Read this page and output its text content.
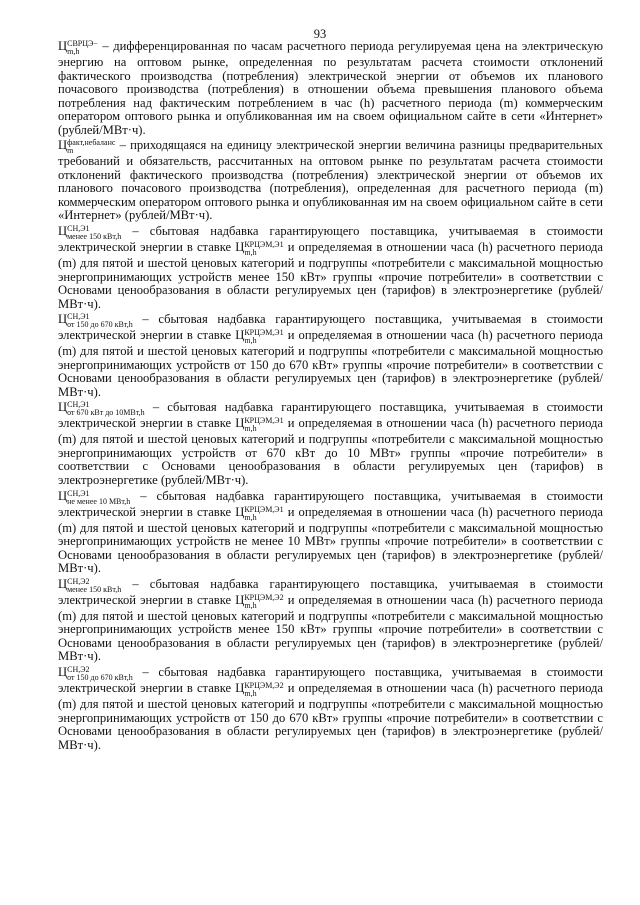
93

Ц СВРЦЭ−
m,h	– дифференцированная по часам расчетного периода регулируемая цена на электрическую энергию на оптовом рынке, определенная по результатам расчета стоимости отклонений фактического производства (потребления) электрической энергии от объемов их планового почасового производства (потребления) в отношении объема превышения планового объема потребления над фактическим потреблением в час (h) расчетного периода (m) коммерческим оператором оптового рынка и опубликованная им на своем официальном сайте в сети «Интернет» (рублей/МВт·ч).

Ц факт,небаланс
m	– приходящаяся на единицу электрической энергии величина разницы предварительных требований и обязательств, рассчитанных на оптовом рынке по результатам расчета стоимости отклонений фактического производства (потребления) электрической энергии от объемов их планового почасового производства (потребления), определенная для расчетного периода (m) коммерческим оператором оптового рынка и опубликованная им на своем официальном сайте в сети «Интернет» (рублей/МВт·ч).

Ц СН,Э1
менее 150 кВт,h – сбытовая надбавка гарантирующего поставщика, учитываемая в стоимости электрической энергии в ставке Ц КРЦЭМ,Э1
m,h	и определяемая в отношении часа (h) расчетного периода (m) для пятой и шестой ценовых категорий и подгруппы «потребители с максимальной мощностью энергопринимающих устройств менее 150 кВт» группы «прочие потребители» в соответствии с Основами ценообразования в области регулируемых цен (тарифов) в электроэнергетике (рублей/МВт·ч).

Ц СН,Э1
от 150 до 670 кВт,h – сбытовая надбавка гарантирующего поставщика, учитываемая в стоимости электрической энергии в ставке Ц КРЦЭМ,Э1
m,h	и определяемая в отношении часа (h) расчетного периода (m) для пятой и шестой ценовых категорий и подгруппы «потребители с максимальной мощностью энергопринимающих устройств от 150 до 670 кВт» группы «прочие потребители» в соответствии с Основами ценообразования в области регулируемых цен (тарифов) в электроэнергетике (рублей/МВт·ч).

Ц СН,Э1
от 670 кВт до 10МВт,h – сбытовая надбавка гарантирующего поставщика, учитываемая в стоимости электрической энергии в ставке Ц КРЦЭМ,Э1
m,h	и определяемая в отношении часа (h) расчетного периода (m) для пятой и шестой ценовых категорий и подгруппы «потребители с максимальной мощностью энергопринимающих устройств от 670 кВт до 10 МВт» группы «прочие потребители» в соответствии с Основами ценообразования в области регулируемых цен (тарифов) в электроэнергетике (рублей/МВт·ч).

Ц СН,Э1
не менее 10 МВт,h – сбытовая надбавка гарантирующего поставщика, учитываемая в стоимости электрической энергии в ставке Ц КРЦЭМ,Э1
m,h	и определяемая в отношении часа (h) расчетного периода (m) для пятой и шестой ценовых категорий и подгруппы «потребители с максимальной мощностью энергопринимающих устройств не менее 10 МВт» группы «прочие потребители» в соответствии с Основами ценообразования в области регулируемых цен (тарифов) в электроэнергетике (рублей/МВт·ч).

Ц СН,Э2
менее 150 кВт,h – сбытовая надбавка гарантирующего поставщика, учитываемая в стоимости электрической энергии в ставке Ц КРЦЭМ,Э2
m,h	и определяемая в отношении часа (h) расчетного периода (m) для пятой и шестой ценовых категорий и подгруппы «потребители с максимальной мощностью энергопринимающих устройств менее 150 кВт» группы «прочие потребители» в соответствии с Основами ценообразования в области регулируемых цен (тарифов) в электроэнергетике (рублей/МВт·ч).

Ц СН,Э2
от 150 до 670 кВт,h – сбытовая надбавка гарантирующего поставщика, учитываемая в стоимости электрической энергии в ставке Ц КРЦЭМ,Э2
m,h	и определяемая в отношении часа (h) расчетного периода (m) для пятой и шестой ценовых категорий и подгруппы «потребители с максимальной мощностью энергопринимающих устройств от 150 до 670 кВт» группы «прочие потребители» в соответствии с Основами ценообразования в области регулируемых цен (тарифов) в электроэнергетике (рублей/МВт·ч).
